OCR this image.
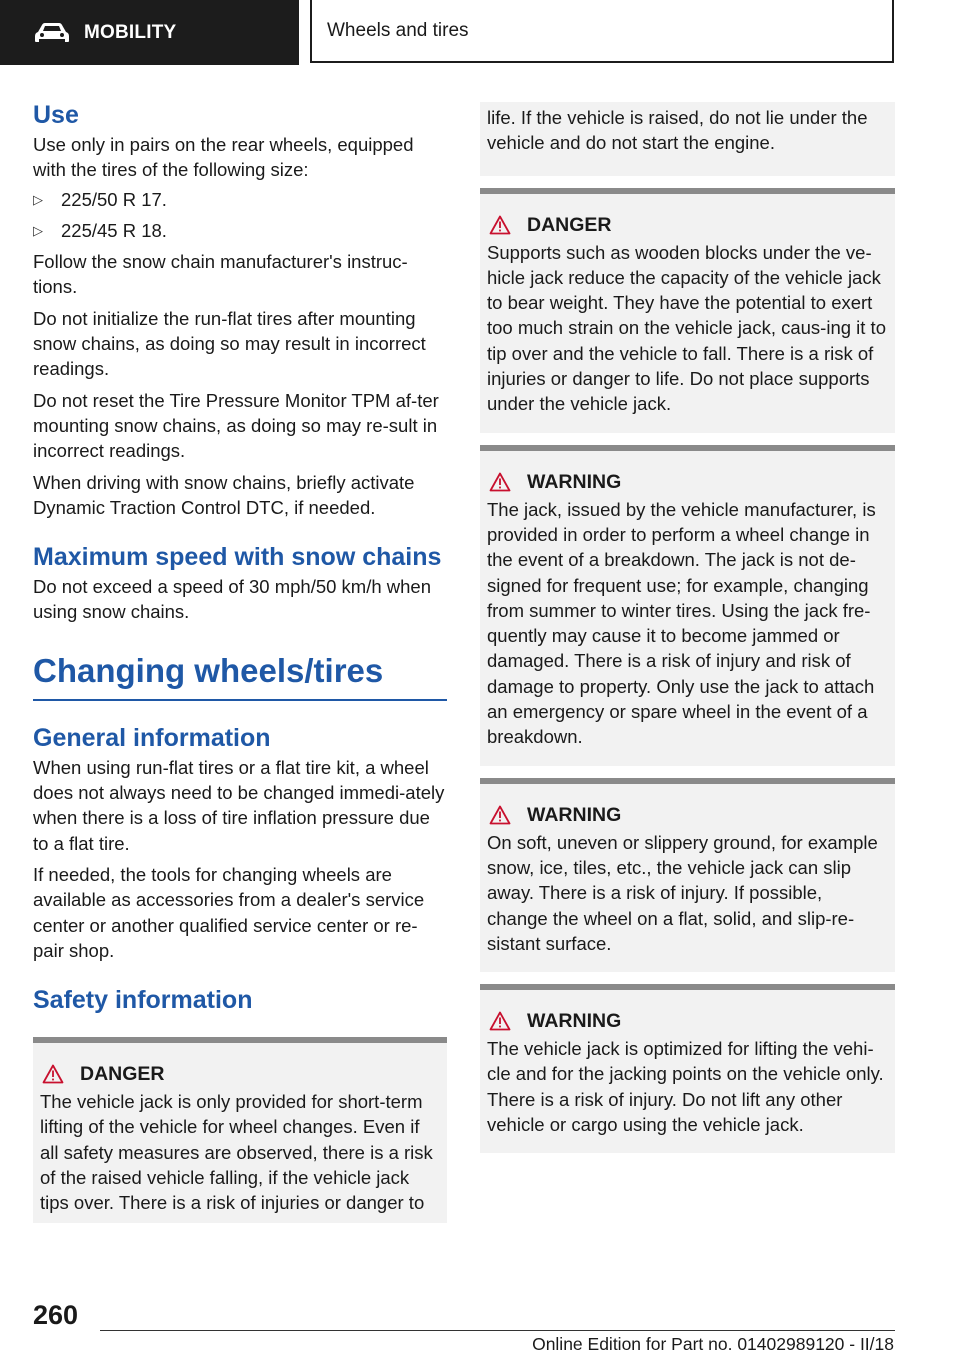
MOBILITY	Wheels and tires
Use

Use only in pairs on the rear wheels, equipped with the tires of the following size:

▷ 225/50 R 17.
▷ 225/45 R 18.

Follow the snow chain manufacturer's instruc‐tions.

Do not initialize the run-flat tires after mounting snow chains, as doing so may result in incorrect readings.

Do not reset the Tire Pressure Monitor TPM af‐ter mounting snow chains, as doing so may re‐sult in incorrect readings.

When driving with snow chains, briefly activate Dynamic Traction Control DTC, if needed.

Maximum speed with snow chains

Do not exceed a speed of 30 mph/50 km/h when using snow chains.

Changing wheels/tires
General information

When using run-flat tires or a flat tire kit, a wheel does not always need to be changed immedi‐ately when there is a loss of tire inflation pressure due to a flat tire.

If needed, the tools for changing wheels are available as accessories from a dealer's service center or another qualified service center or re‐pair shop.

Safety information
DANGER

The vehicle jack is only provided for short-term lifting of the vehicle for wheel changes. Even if all safety measures are observed, there is a risk of the raised vehicle falling, if the vehicle jack tips over. There is a risk of injuries or danger to

life. If the vehicle is raised, do not lie under the vehicle and do not start the engine.

DANGER

Supports such as wooden blocks under the ve‐hicle jack reduce the capacity of the vehicle jack to bear weight. They have the potential to exert too much strain on the vehicle jack, caus‐ing it to tip over and the vehicle to fall. There is a risk of injuries or danger to life. Do not place supports under the vehicle jack.

WARNING

The jack, issued by the vehicle manufacturer, is provided in order to perform a wheel change in the event of a breakdown. The jack is not de‐signed for frequent use; for example, changing from summer to winter tires. Using the jack fre‐quently may cause it to become jammed or damaged. There is a risk of injury and risk of damage to property. Only use the jack to attach an emergency or spare wheel in the event of a breakdown.

WARNING

On soft, uneven or slippery ground, for example snow, ice, tiles, etc., the vehicle jack can slip away. There is a risk of injury. If possible, change the wheel on a flat, solid, and slip-re‐sistant surface.

WARNING

The vehicle jack is optimized for lifting the vehi‐cle and for the jacking points on the vehicle only. There is a risk of injury. Do not lift any other vehicle or cargo using the vehicle jack.

260
Online Edition for Part no. 01402989120 - II/18
